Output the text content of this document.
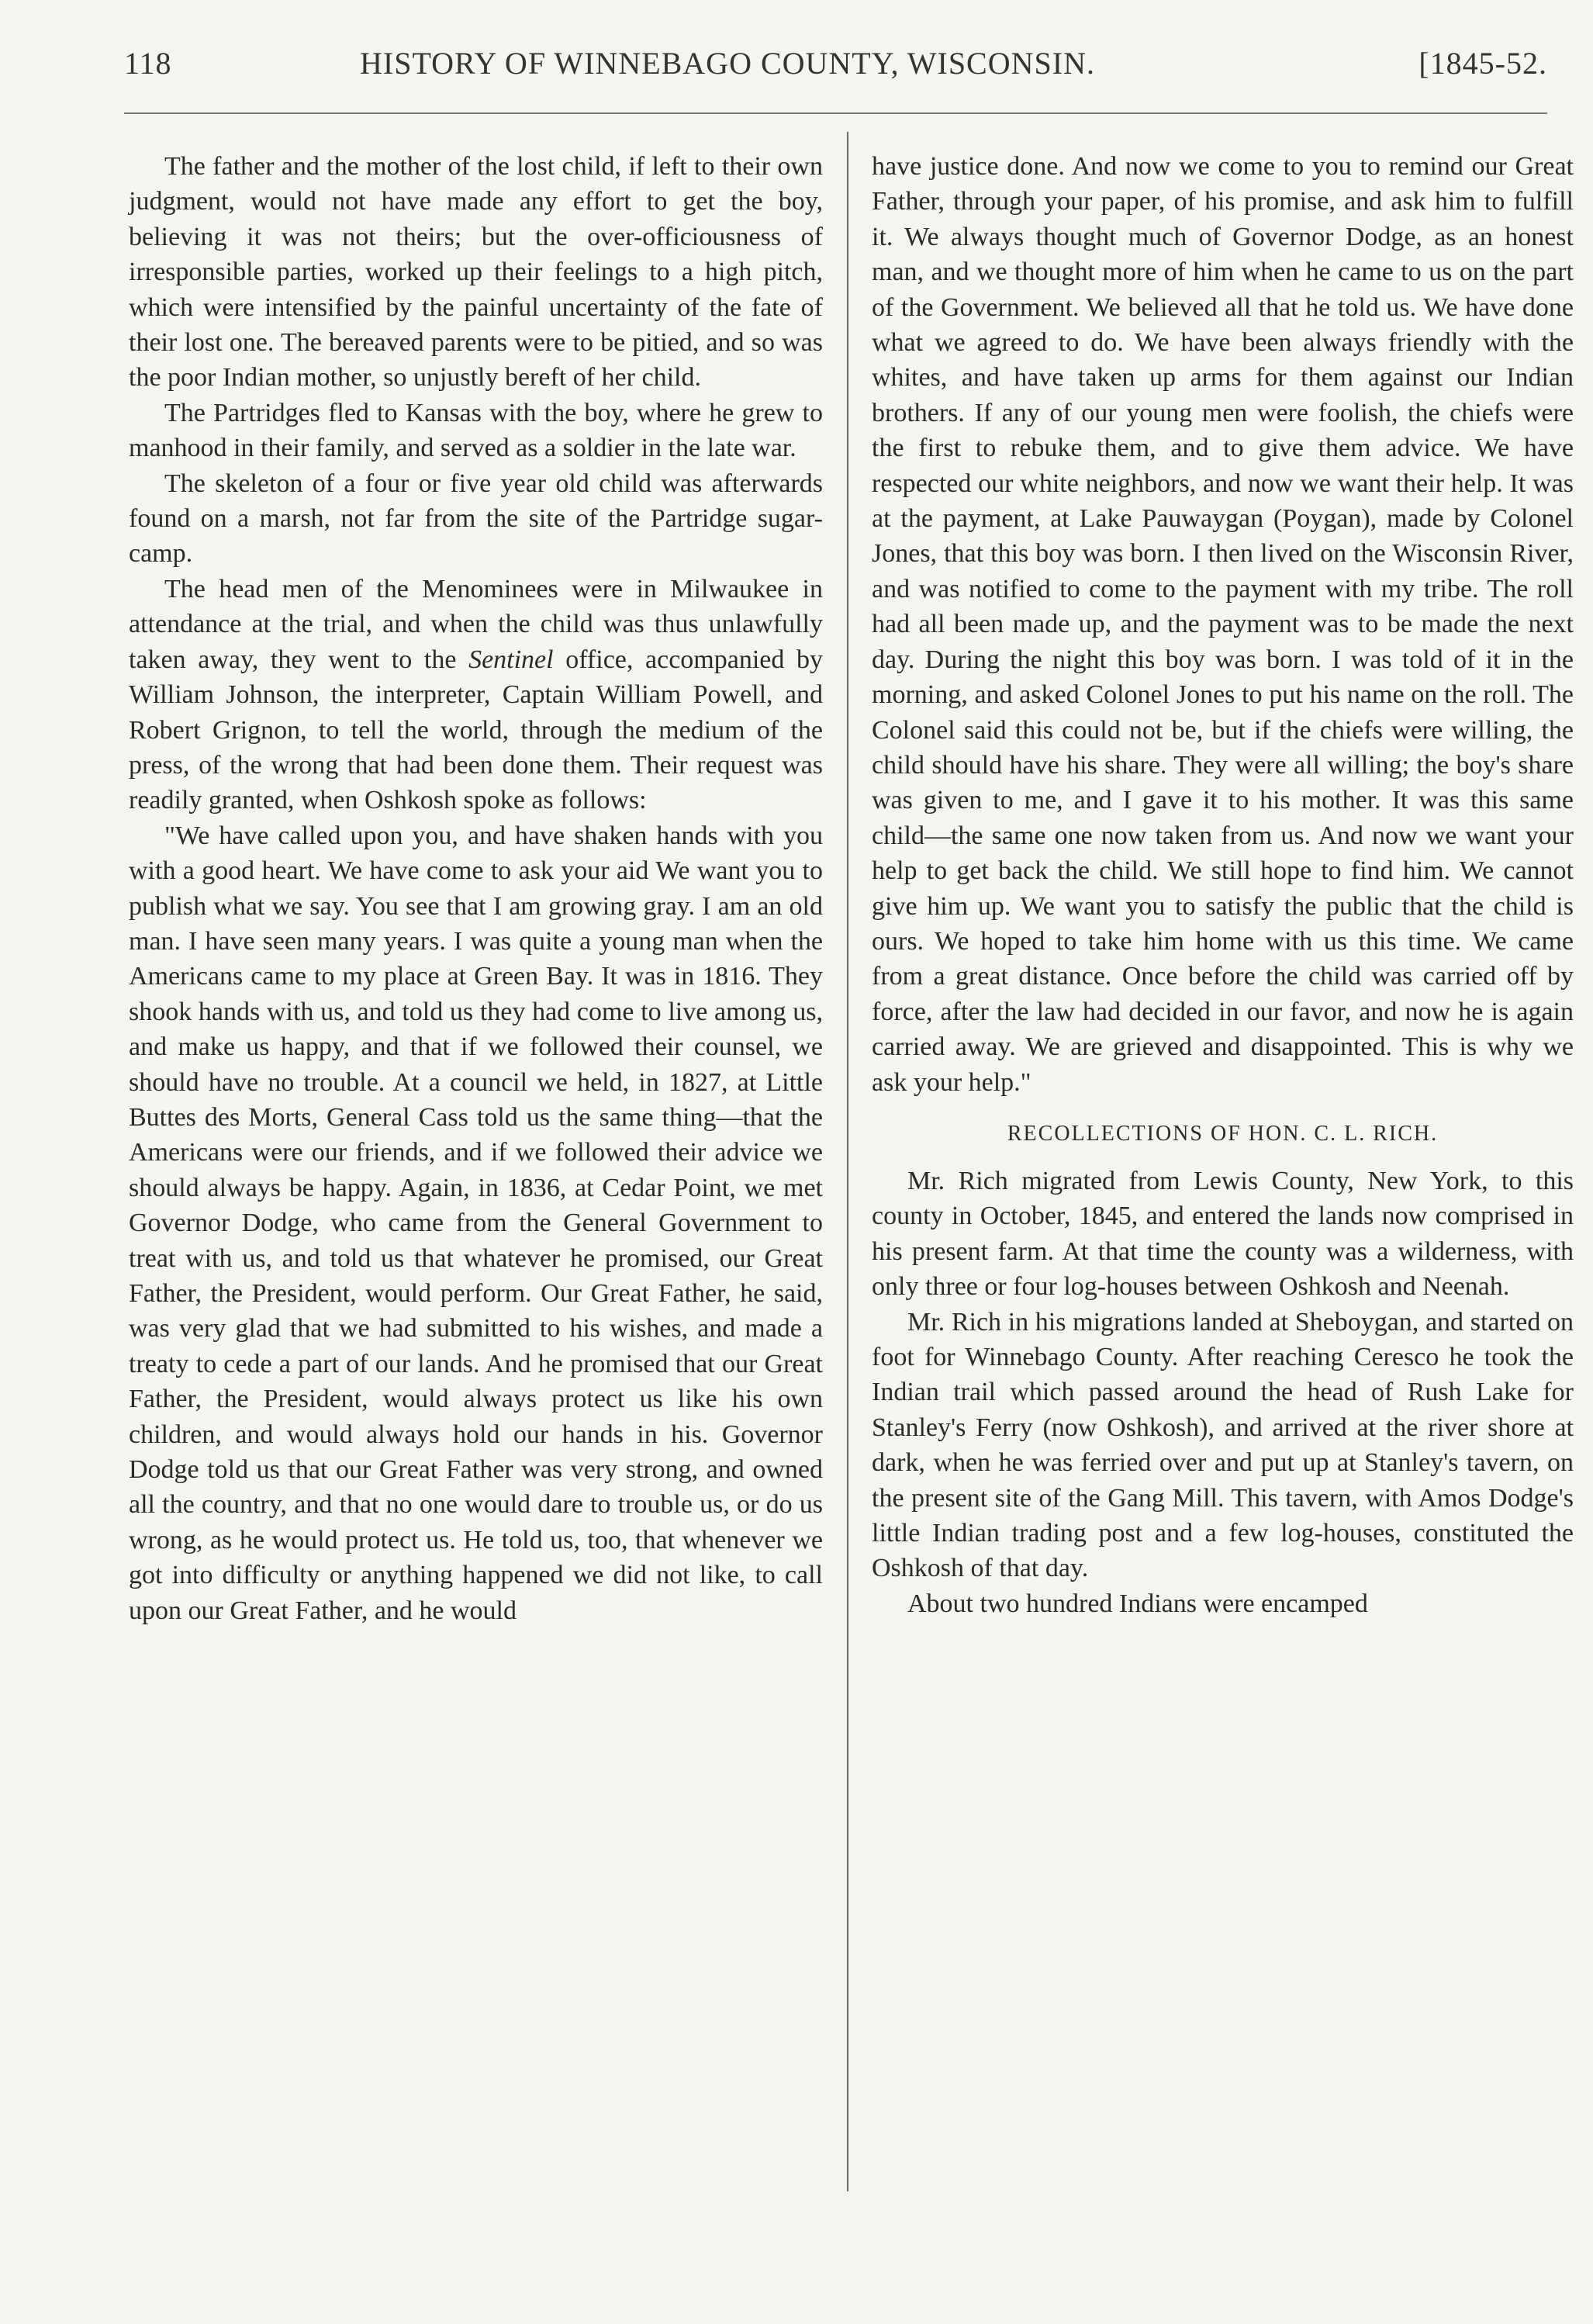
118	HISTORY OF WINNEBAGO COUNTY, WISCONSIN.	[1845-52.

The father and the mother of the lost child, if left to their own judgment, would not have made any effort to get the boy, believing it was not theirs; but the over-officiousness of irresponsible parties, worked up their feelings to a high pitch, which were intensified by the painful uncertainty of the fate of their lost one. The bereaved parents were to be pitied, and so was the poor Indian mother, so unjustly bereft of her child.

The Partridges fled to Kansas with the boy, where he grew to manhood in their family, and served as a soldier in the late war.

The skeleton of a four or five year old child was afterwards found on a marsh, not far from the site of the Partridge sugar-camp.

The head men of the Menominees were in Milwaukee in attendance at the trial, and when the child was thus unlawfully taken away, they went to the Sentinel office, accompanied by William Johnson, the interpreter, Captain William Powell, and Robert Grignon, to tell the world, through the medium of the press, of the wrong that had been done them. Their request was readily granted, when Oshkosh spoke as follows:

"We have called upon you, and have shaken hands with you with a good heart. We have come to ask your aid We want you to publish what we say. You see that I am growing gray. I am an old man. I have seen many years. I was quite a young man when the Americans came to my place at Green Bay. It was in 1816. They shook hands with us, and told us they had come to live among us, and make us happy, and that if we followed their counsel, we should have no trouble. At a council we held, in 1827, at Little Buttes des Morts, General Cass told us the same thing—that the Americans were our friends, and if we followed their advice we should always be happy. Again, in 1836, at Cedar Point, we met Governor Dodge, who came from the General Government to treat with us, and told us that whatever he promised, our Great Father, the President, would perform. Our Great Father, he said, was very glad that we had submitted to his wishes, and made a treaty to cede a part of our lands. And he promised that our Great Father, the President, would always protect us like his own children, and would always hold our hands in his. Governor Dodge told us that our Great Father was very strong, and owned all the country, and that no one would dare to trouble us, or do us wrong, as he would protect us. He told us, too, that whenever we got into difficulty or anything happened we did not like, to call upon our Great Father, and he would

have justice done. And now we come to you to remind our Great Father, through your paper, of his promise, and ask him to fulfill it. We always thought much of Governor Dodge, as an honest man, and we thought more of him when he came to us on the part of the Government. We believed all that he told us. We have done what we agreed to do. We have been always friendly with the whites, and have taken up arms for them against our Indian brothers. If any of our young men were foolish, the chiefs were the first to rebuke them, and to give them advice. We have respected our white neighbors, and now we want their help. It was at the payment, at Lake Pauwaygan (Poygan), made by Colonel Jones, that this boy was born. I then lived on the Wisconsin River, and was notified to come to the payment with my tribe. The roll had all been made up, and the payment was to be made the next day. During the night this boy was born. I was told of it in the morning, and asked Colonel Jones to put his name on the roll. The Colonel said this could not be, but if the chiefs were willing, the child should have his share. They were all willing; the boy's share was given to me, and I gave it to his mother. It was this same child—the same one now taken from us. And now we want your help to get back the child. We still hope to find him. We cannot give him up. We want you to satisfy the public that the child is ours. We hoped to take him home with us this time. We came from a great distance. Once before the child was carried off by force, after the law had decided in our favor, and now he is again carried away. We are grieved and disappointed. This is why we ask your help."

RECOLLECTIONS OF HON. C. L. RICH.

Mr. Rich migrated from Lewis County, New York, to this county in October, 1845, and entered the lands now comprised in his present farm. At that time the county was a wilderness, with only three or four log-houses between Oshkosh and Neenah.

Mr. Rich in his migrations landed at Sheboygan, and started on foot for Winnebago County. After reaching Ceresco he took the Indian trail which passed around the head of Rush Lake for Stanley's Ferry (now Oshkosh), and arrived at the river shore at dark, when he was ferried over and put up at Stanley's tavern, on the present site of the Gang Mill. This tavern, with Amos Dodge's little Indian trading post and a few log-houses, constituted the Oshkosh of that day.

About two hundred Indians were encamped
